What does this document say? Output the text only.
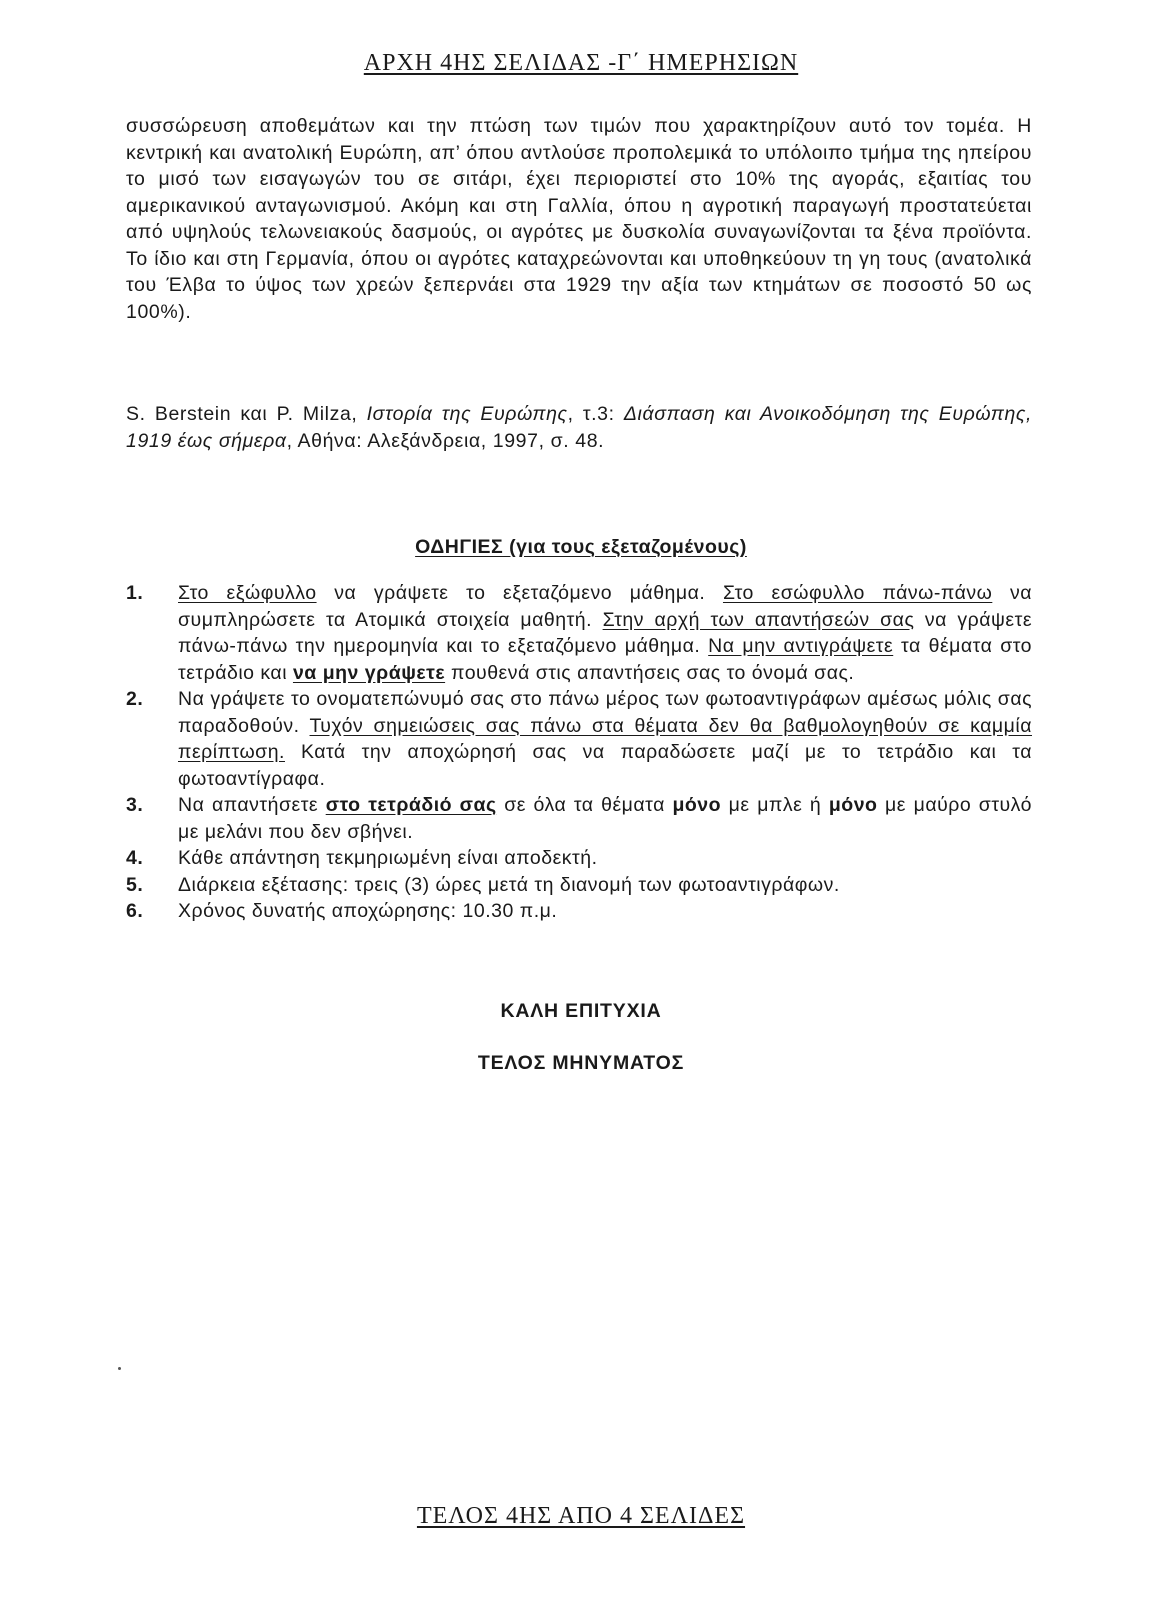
ΑΡΧΗ 4ΗΣ ΣΕΛΙΔΑΣ -Γ΄ ΗΜΕΡΗΣΙΩΝ

συσσώρευση αποθεμάτων και την πτώση των τιμών που χαρακτηρίζουν αυτό τον τομέα. Η κεντρική και ανατολική Ευρώπη, απ’ όπου αντλούσε προπολεμικά το υπόλοιπο τμήμα της ηπείρου το μισό των εισαγωγών του σε σιτάρι, έχει περιοριστεί στο 10% της αγοράς, εξαιτίας του αμερικανικού ανταγωνισμού. Ακόμη και στη Γαλλία, όπου η αγροτική παραγωγή προστατεύεται από υψηλούς τελωνειακούς δασμούς, οι αγρότες με δυσκολία συναγωνίζονται τα ξένα προϊόντα. Το ίδιο και στη Γερμανία, όπου οι αγρότες καταχρεώνονται και υποθηκεύουν τη γη τους (ανατολικά του Έλβα το ύψος των χρεών ξεπερνάει στα 1929 την αξία των κτημάτων σε ποσοστό 50 ως 100%).

S. Berstein και P. Milza, Ιστορία της Ευρώπης, τ.3: Διάσπαση και Ανοικοδόμηση της Ευρώπης, 1919 έως σήμερα, Αθήνα: Αλεξάνδρεια, 1997, σ. 48.

ΟΔΗΓΙΕΣ (για τους εξεταζομένους)
1. Στο εξώφυλλο να γράψετε το εξεταζόμενο μάθημα. Στο εσώφυλλο πάνω-πάνω να συμπληρώσετε τα Ατομικά στοιχεία μαθητή. Στην αρχή των απαντήσεών σας να γράψετε πάνω-πάνω την ημερομηνία και το εξεταζόμενο μάθημα. Να μην αντιγράψετε τα θέματα στο τετράδιο και να μην γράψετε πουθενά στις απαντήσεις σας το όνομά σας.
2. Να γράψετε το ονοματεπώνυμό σας στο πάνω μέρος των φωτοαντιγράφων αμέσως μόλις σας παραδοθούν. Τυχόν σημειώσεις σας πάνω στα θέματα δεν θα βαθμολογηθούν σε καμμία περίπτωση. Κατά την αποχώρησή σας να παραδώσετε μαζί με το τετράδιο και τα φωτοαντίγραφα.
3. Να απαντήσετε στο τετράδιό σας σε όλα τα θέματα μόνο με μπλε ή μόνο με μαύρο στυλό με μελάνι που δεν σβήνει.
4. Κάθε απάντηση τεκμηριωμένη είναι αποδεκτή.
5. Διάρκεια εξέτασης: τρεις (3) ώρες μετά τη διανομή των φωτοαντιγράφων.
6. Χρόνος δυνατής αποχώρησης: 10.30 π.μ.
ΚΑΛΗ ΕΠΙΤΥΧΙΑ
ΤΕΛΟΣ ΜΗΝΥΜΑΤΟΣ
ΤΕΛΟΣ 4ΗΣ ΑΠΟ 4 ΣΕΛΙΔΕΣ
